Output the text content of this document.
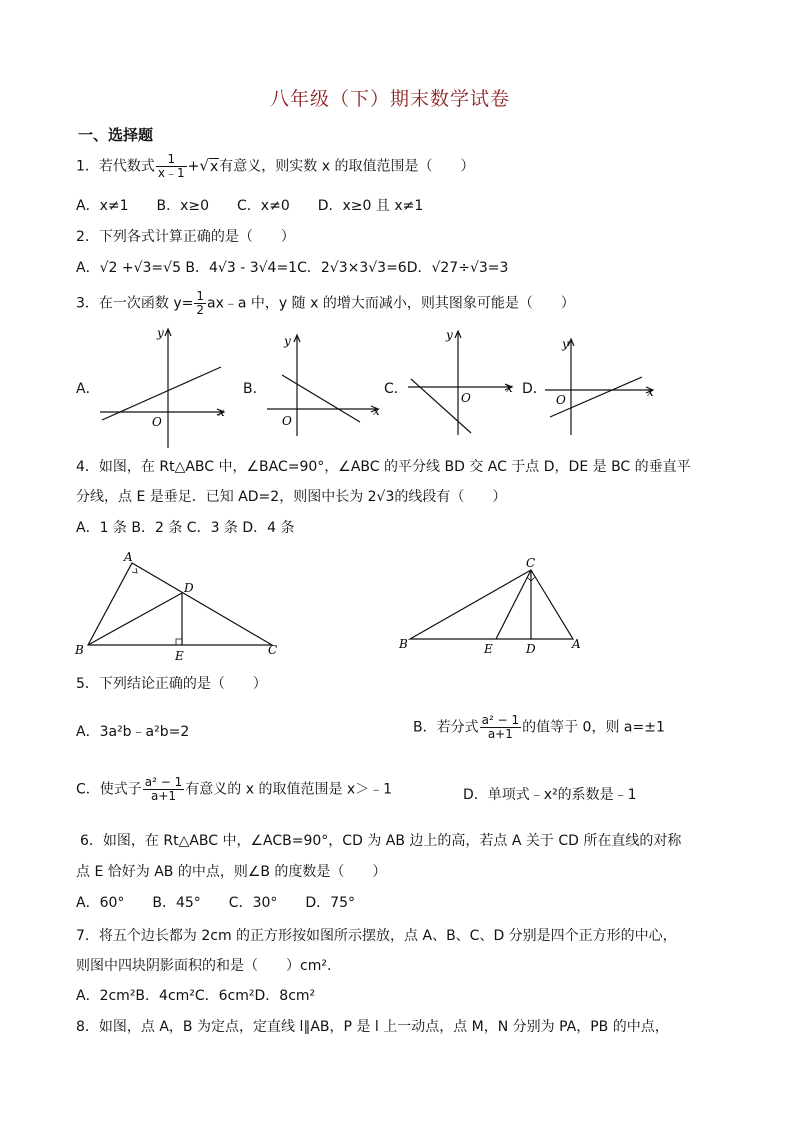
八年级（下）期末数学试卷
一、选择题
1．若代数式 $\frac{1}{x﹣1} +√x$有意义，则实数 x 的取值范围是（　　）
A．x≠1　　B．x≥0　　C．x≠0　　D．x≥0 且 x≠1
2．下列各式计算正确的是（　　）
A．√2 +√3=√5 B．4√3 - 3√4=1C．2√3×3√3=6D．√27÷√3=3
3．在一次函数 $y= \frac{1}{2}$ ax﹣a 中，y 随 x 的增大而减小，则其图象可能是（　　）
A．	B．	C．	D．
x
y
O
x
y
O
x
y
O	x
y
O
4．如图，在 Rt△ABC 中，∠BAC=90°，∠ABC 的平分线 BD 交 AC 于点 D，DE 是 BC 的垂直平
分线，点 E 是垂足．已知 AD=2，则图中长为 2√3的线段有（　　）
A．1 条 B．2 条 C．3 条 D．4 条
A
B	C
D
E
C
B	E	D	A
5．下列结论正确的是（　　）
A．3a²b﹣a²b=2	B．若分式 $\frac{\text{a² − 1}}{a+1}$ 的值等于 0，则 a=±1
C．使式子 $\frac{\text{a² − 1}}{a+1}$ 有意义的 x 的取值范围是 x＞﹣1	D．单项式﹣x²的系数是﹣1
6．如图，在 Rt△ABC 中，∠ACB=90°，CD 为 AB 边上的高，若点 A 关于 CD 所在直线的对称
点 E 恰好为 AB 的中点，则∠B 的度数是（　　）
A．60°　　B．45°　　C．30°　　D．75°
7．将五个边长都为 2cm 的正方形按如图所示摆放，点 A、B、C、D 分别是四个正方形的中心，
则图中四块阴影面积的和是（　　）cm².
A．2cm²B．4cm²C．6cm²D．8cm²
8．如图，点 A，B 为定点，定直线 l∥AB，P 是 l 上一动点，点 M，N 分别为 PA，PB 的中点，
